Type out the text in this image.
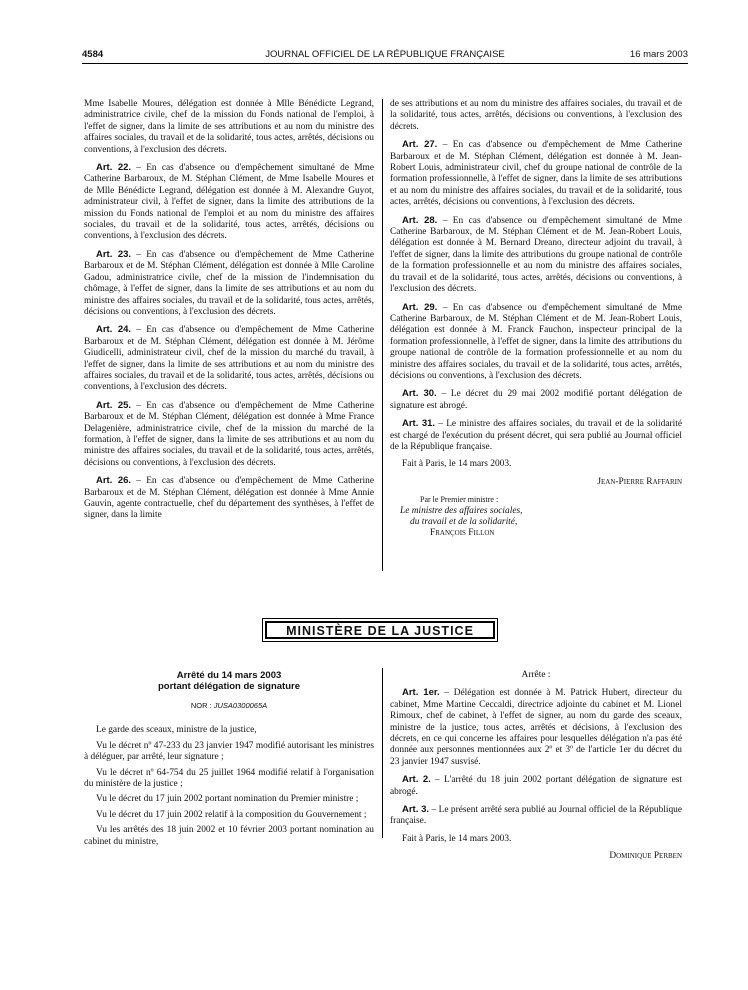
4584	JOURNAL OFFICIEL DE LA RÉPUBLIQUE FRANÇAISE	16 mars 2003

Mme Isabelle Moures, délégation est donnée à Mlle Bénédicte Legrand, administratrice civile, chef de la mission du Fonds national de l'emploi, à l'effet de signer, dans la limite de ses attributions et au nom du ministre des affaires sociales, du travail et de la solidarité, tous actes, arrêtés, décisions ou conventions, à l'exclusion des décrets.

Art. 22. – En cas d'absence ou d'empêchement simultané de Mme Catherine Barbaroux, de M. Stéphan Clément, de Mme Isabelle Moures et de Mlle Bénédicte Legrand, délégation est donnée à M. Alexandre Guyot, administrateur civil, à l'effet de signer, dans la limite des attributions de la mission du Fonds national de l'emploi et au nom du ministre des affaires sociales, du travail et de la solidarité, tous actes, arrêtés, décisions ou conventions, à l'exclusion des décrets.

Art. 23. – En cas d'absence ou d'empêchement de Mme Catherine Barbaroux et de M. Stéphan Clément, délégation est donnée à Mlle Caroline Gadou, administratrice civile, chef de la mission de l'indemnisation du chômage, à l'effet de signer, dans la limite de ses attributions et au nom du ministre des affaires sociales, du travail et de la solidarité, tous actes, arrêtés, décisions ou conventions, à l'exclusion des décrets.

Art. 24. – En cas d'absence ou d'empêchement de Mme Catherine Barbaroux et de M. Stéphan Clément, délégation est donnée à M. Jérôme Giudicelli, administrateur civil, chef de la mission du marché du travail, à l'effet de signer, dans la limite de ses attributions et au nom du ministre des affaires sociales, du travail et de la solidarité, tous actes, arrêtés, décisions ou conventions, à l'exclusion des décrets.

Art. 25. – En cas d'absence ou d'empêchement de Mme Catherine Barbaroux et de M. Stéphan Clément, délégation est donnée à Mme France Delagenière, administratrice civile, chef de la mission du marché de la formation, à l'effet de signer, dans la limite de ses attributions et au nom du ministre des affaires sociales, du travail et de la solidarité, tous actes, arrêtés, décisions ou conventions, à l'exclusion des décrets.

Art. 26. – En cas d'absence ou d'empêchement de Mme Catherine Barbaroux et de M. Stéphan Clément, délégation est donnée à Mme Annie Gauvin, agente contractuelle, chef du département des synthèses, à l'effet de signer, dans la limite

de ses attributions et au nom du ministre des affaires sociales, du travail et de la solidarité, tous actes, arrêtés, décisions ou conventions, à l'exclusion des décrets.

Art. 27. – En cas d'absence ou d'empêchement de Mme Catherine Barbaroux et de M. Stéphan Clément, délégation est donnée à M. Jean-Robert Louis, administrateur civil, chef du groupe national de contrôle de la formation professionnelle, à l'effet de signer, dans la limite de ses attributions et au nom du ministre des affaires sociales, du travail et de la solidarité, tous actes, arrêtés, décisions ou conventions, à l'exclusion des décrets.

Art. 28. – En cas d'absence ou d'empêchement simultané de Mme Catherine Barbaroux, de M. Stéphan Clément et de M. Jean-Robert Louis, délégation est donnée à M. Bernard Dreano, directeur adjoint du travail, à l'effet de signer, dans la limite des attributions du groupe national de contrôle de la formation professionnelle et au nom du ministre des affaires sociales, du travail et de la solidarité, tous actes, arrêtés, décisions ou conventions, à l'exclusion des décrets.

Art. 29. – En cas d'absence ou d'empêchement simultané de Mme Catherine Barbaroux, de M. Stéphan Clément et de M. Jean-Robert Louis, délégation est donnée à M. Franck Fauchon, inspecteur principal de la formation professionnelle, à l'effet de signer, dans la limite des attributions du groupe national de contrôle de la formation professionnelle et au nom du ministre des affaires sociales, du travail et de la solidarité, tous actes, arrêtés, décisions ou conventions, à l'exclusion des décrets.

Art. 30. – Le décret du 29 mai 2002 modifié portant délégation de signature est abrogé.

Art. 31. – Le ministre des affaires sociales, du travail et de la solidarité est chargé de l'exécution du présent décret, qui sera publié au Journal officiel de la République française.

Fait à Paris, le 14 mars 2003.

Jean-Pierre Raffarin
Par le Premier ministre :
Le ministre des affaires sociales,
du travail et de la solidarité,
François Fillon
MINISTÈRE DE LA JUSTICE
Arrêté du 14 mars 2003
portant délégation de signature
NOR : JUSA0300065A

Le garde des sceaux, ministre de la justice,

Vu le décret nº 47-233 du 23 janvier 1947 modifié autorisant les ministres à déléguer, par arrêté, leur signature ;

Vu le décret nº 64-754 du 25 juillet 1964 modifié relatif à l'organisation du ministère de la justice ;

Vu le décret du 17 juin 2002 portant nomination du Premier ministre ;

Vu le décret du 17 juin 2002 relatif à la composition du Gouvernement ;

Vu les arrêtés des 18 juin 2002 et 10 février 2003 portant nomination au cabinet du ministre,

Arrête :

Art. 1er. – Délégation est donnée à M. Patrick Hubert, directeur du cabinet, Mme Martine Ceccaldi, directrice adjointe du cabinet et M. Lionel Rimoux, chef de cabinet, à l'effet de signer, au nom du garde des sceaux, ministre de la justice, tous actes, arrêtés et décisions, à l'exclusion des décrets, en ce qui concerne les affaires pour lesquelles délégation n'a pas été donnée aux personnes mentionnées aux 2º et 3º de l'article 1er du décret du 23 janvier 1947 susvisé.

Art. 2. – L'arrêté du 18 juin 2002 portant délégation de signature est abrogé.

Art. 3. – Le présent arrêté sera publié au Journal officiel de la République française.

Fait à Paris, le 14 mars 2003.

Dominique Perben
